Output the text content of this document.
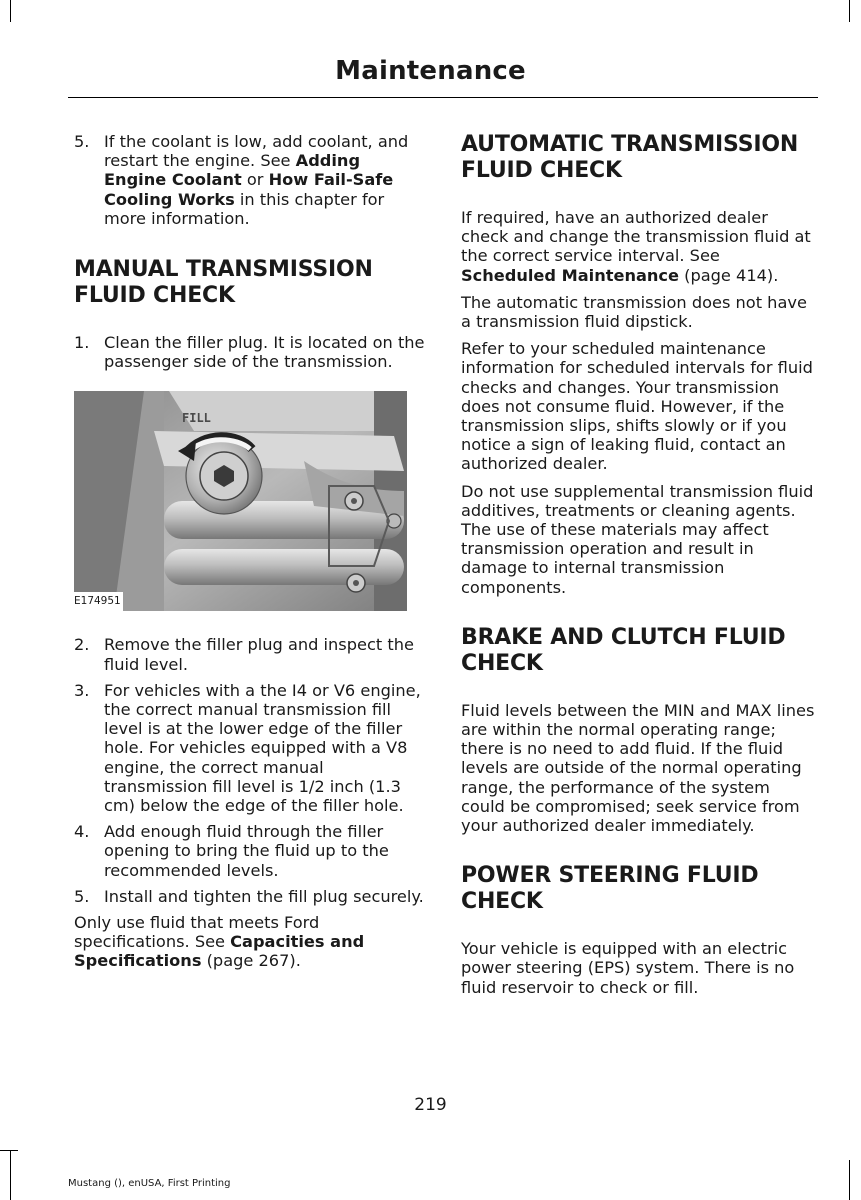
Maintenance
5. If the coolant is low, add coolant, and restart the engine. See Adding Engine Coolant or How Fail-Safe Cooling Works in this chapter for more information.
MANUAL TRANSMISSION FLUID CHECK
1. Clean the filler plug. It is located on the passenger side of the transmission.
FILL
E174951
2. Remove the filler plug and inspect the fluid level.
3. For vehicles with a the I4 or V6 engine, the correct manual transmission fill level is at the lower edge of the filler hole. For vehicles equipped with a V8 engine, the correct manual transmission fill level is 1/2 inch (1.3 cm) below the edge of the filler hole.
4. Add enough fluid through the filler opening to bring the fluid up to the recommended levels.
5. Install and tighten the fill plug securely.

Only use fluid that meets Ford specifications. See Capacities and Specifications (page 267).

AUTOMATIC TRANSMISSION FLUID CHECK

If required, have an authorized dealer check and change the transmission fluid at the correct service interval. See Scheduled Maintenance (page 414).

The automatic transmission does not have a transmission fluid dipstick.

Refer to your scheduled maintenance information for scheduled intervals for fluid checks and changes. Your transmission does not consume fluid. However, if the transmission slips, shifts slowly or if you notice a sign of leaking fluid, contact an authorized dealer.

Do not use supplemental transmission fluid additives, treatments or cleaning agents. The use of these materials may affect transmission operation and result in damage to internal transmission components.

BRAKE AND CLUTCH FLUID CHECK

Fluid levels between the MIN and MAX lines are within the normal operating range; there is no need to add fluid. If the fluid levels are outside of the normal operating range, the performance of the system could be compromised; seek service from your authorized dealer immediately.

POWER STEERING FLUID CHECK

Your vehicle is equipped with an electric power steering (EPS) system. There is no fluid reservoir to check or fill.

219
Mustang (), enUSA, First Printing
